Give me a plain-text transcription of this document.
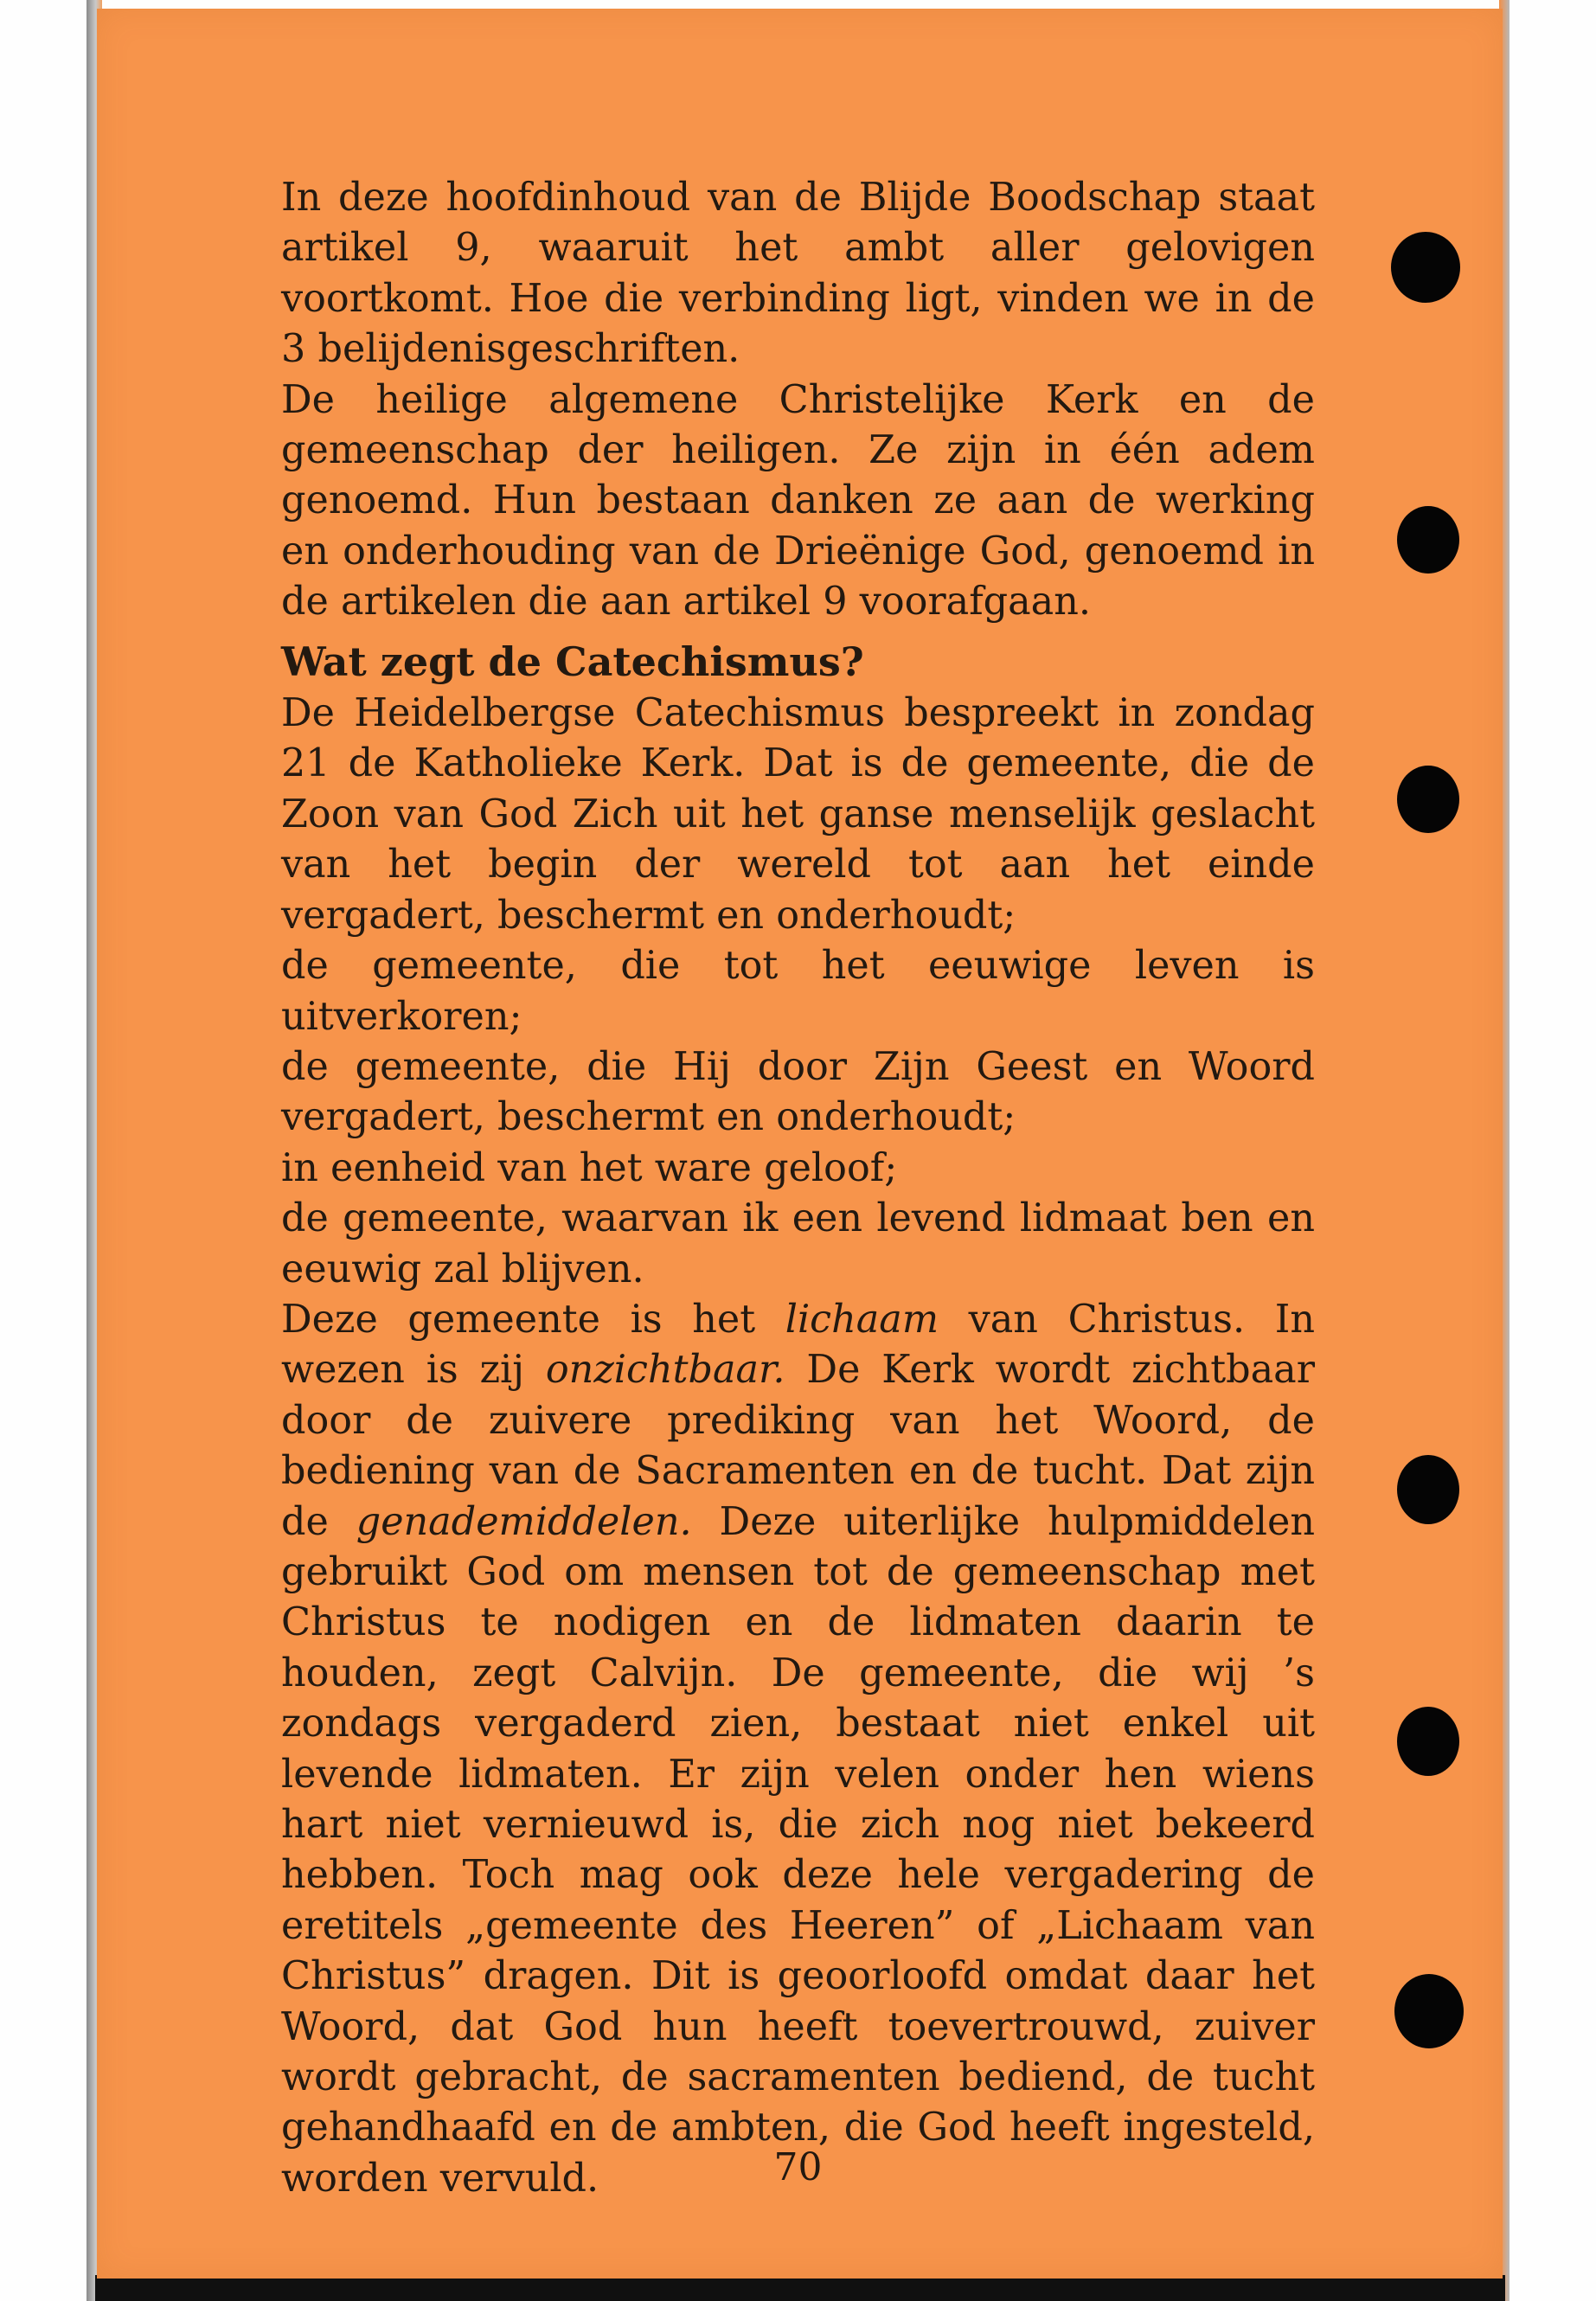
In deze hoofdinhoud van de Blijde Boodschap staat artikel 9, waaruit het ambt aller gelovigen voortkomt. Hoe die verbinding ligt, vinden we in de 3 belijdenisgeschriften.

De heilige algemene Christelijke Kerk en de gemeenschap der heiligen. Ze zijn in één adem genoemd. Hun bestaan danken ze aan de werking en onderhouding van de Drieënige God, genoemd in de artikelen die aan artikel 9 voorafgaan.

Wat zegt de Catechismus?

De Heidelbergse Catechismus bespreekt in zondag 21 de Katholieke Kerk. Dat is de gemeente, die de Zoon van God Zich uit het ganse menselijk geslacht van het begin der wereld tot aan het einde vergadert, beschermt en onderhoudt;

de gemeente, die tot het eeuwige leven is uitverkoren;

de gemeente, die Hij door Zijn Geest en Woord vergadert, beschermt en onderhoudt;

in eenheid van het ware geloof;

de gemeente, waarvan ik een levend lidmaat ben en eeuwig zal blijven.

Deze gemeente is het lichaam van Christus. In wezen is zij onzichtbaar. De Kerk wordt zichtbaar door de zuivere prediking van het Woord, de bediening van de Sacramenten en de tucht. Dat zijn de genademiddelen. Deze uiterlijke hulpmiddelen gebruikt God om mensen tot de gemeenschap met Christus te nodigen en de lidmaten daarin te houden, zegt Calvijn. De gemeente, die wij ’s zondags vergaderd zien, bestaat niet enkel uit levende lidmaten. Er zijn velen onder hen wiens hart niet vernieuwd is, die zich nog niet bekeerd hebben. Toch mag ook deze hele vergadering de eretitels „gemeente des Heeren” of „Lichaam van Christus” dragen. Dit is geoorloofd omdat daar het Woord, dat God hun heeft toevertrouwd, zuiver wordt gebracht, de sacramenten bediend, de tucht gehandhaafd en de ambten, die God heeft ingesteld, worden vervuld.	70
